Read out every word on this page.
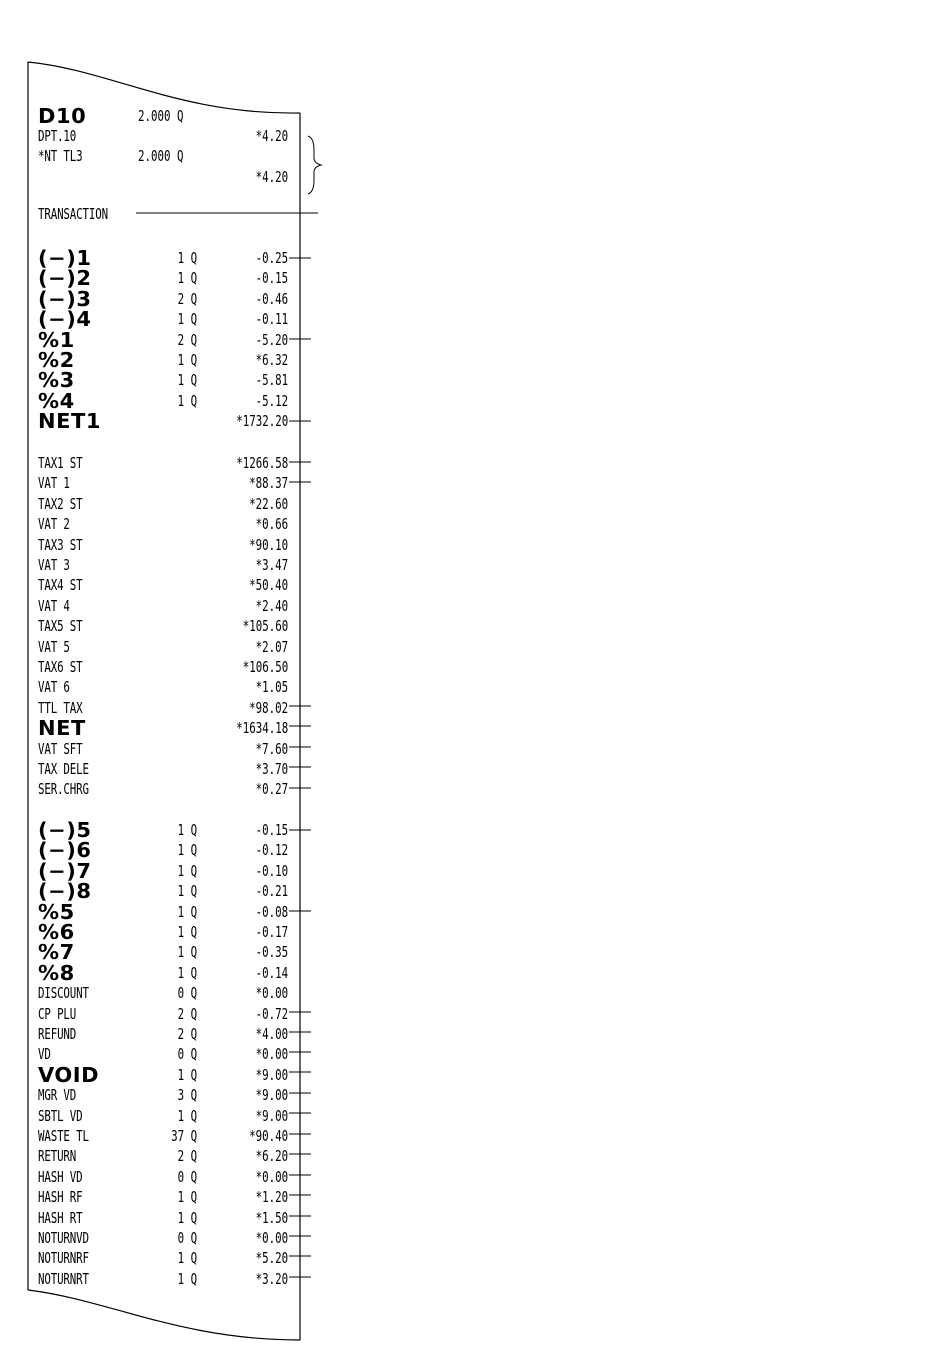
D10	2.000 Q
DPT.10	*4.20
*NT TL3	2.000 Q
*4.20
TRANSACTION
(−)1	1 Q	-0.25
(−)2	1 Q	-0.15
(−)3	2 Q	-0.46
(−)4	1 Q	-0.11
%1	2 Q	-5.20
%2	1 Q	*6.32
%3	1 Q	-5.81
%4	1 Q	-5.12
NET1	*1732.20
TAX1 ST	*1266.58
VAT 1	*88.37
TAX2 ST	*22.60
VAT 2	*0.66
TAX3 ST	*90.10
VAT 3	*3.47
TAX4 ST	*50.40
VAT 4	*2.40
TAX5 ST	*105.60
VAT 5	*2.07
TAX6 ST	*106.50
VAT 6	*1.05
TTL TAX	*98.02
NET	*1634.18
VAT SFT	*7.60
TAX DELE	*3.70
SER.CHRG	*0.27
(−)5	1 Q	-0.15
(−)6	1 Q	-0.12
(−)7	1 Q	-0.10
(−)8	1 Q	-0.21
%5	1 Q	-0.08
%6	1 Q	-0.17
%7	1 Q	-0.35
%8	1 Q	-0.14
DISCOUNT	0 Q	*0.00
CP PLU	2 Q	-0.72
REFUND	2 Q	*4.00
VD	0 Q	*0.00
VOID	1 Q	*9.00
MGR VD	3 Q	*9.00
SBTL VD	1 Q	*9.00
WASTE TL	37 Q	*90.40
RETURN	2 Q	*6.20
HASH VD	0 Q	*0.00
HASH RF	1 Q	*1.20
HASH RT	1 Q	*1.50
NOTURNVD	0 Q	*0.00
NOTURNRF	1 Q	*5.20
NOTURNRT	1 Q	*3.20
